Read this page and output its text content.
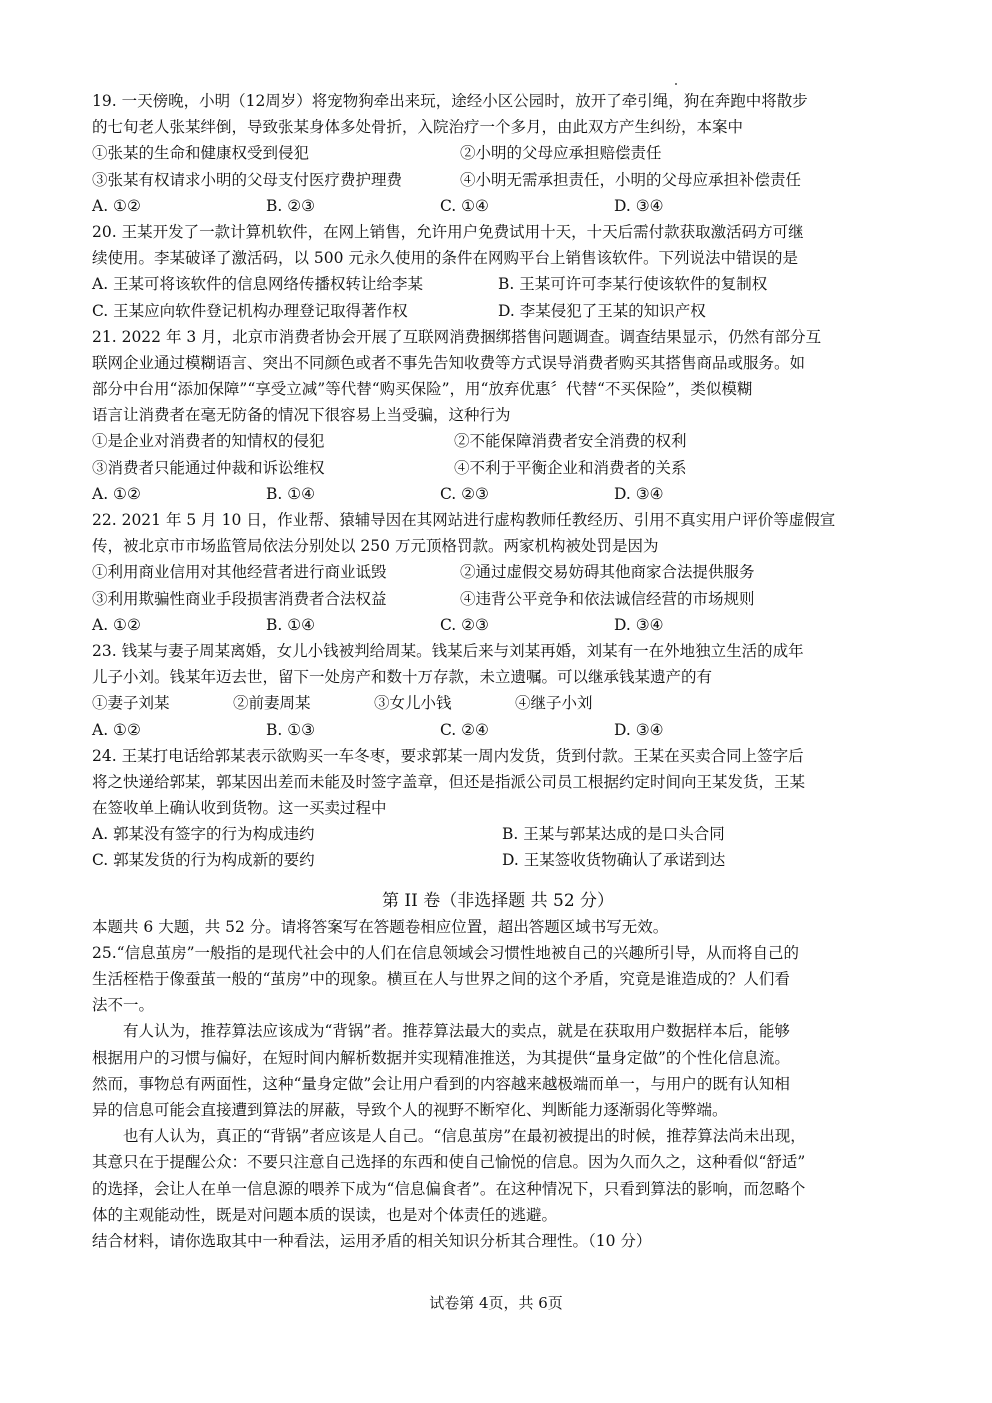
19. 一天傍晚，小明（12周岁）将宠物狗牵出来玩，途经小区公园时，放开了牵引绳，狗在奔跑中将散步
的七旬老人张某绊倒，导致张某身体多处骨折，入院治疗一个多月，由此双方产生纠纷，本案中
①张某的生命和健康权受到侵犯	②小明的父母应承担赔偿责任
③张某有权请求小明的父母支付医疗费护理费	④小明无需承担责任，小明的父母应承担补偿责任
A. ①②	B. ②③	C. ①④	D. ③④
20. 王某开发了一款计算机软件，在网上销售，允许用户免费试用十天，十天后需付款获取激活码方可继
续使用。李某破译了激活码，以 500 元永久使用的条件在网购平台上销售该软件。下列说法中错误的是
A. 王某可将该软件的信息网络传播权转让给李某	B. 王某可许可李某行使该软件的复制权
C. 王某应向软件登记机构办理登记取得著作权	D. 李某侵犯了王某的知识产权
21. 2022 年 3 月，北京市消费者协会开展了互联网消费捆绑搭售问题调查。调查结果显示，仍然有部分互
联网企业通过模糊语言、突出不同颜色或者不事先告知收费等方式误导消费者购买其搭售商品或服务。如
部分中台用“添加保障”“享受立减”等代替“购买保险”，用“放弃优惠〞代替“不买保险”，类似模糊
语言让消费者在毫无防备的情况下很容易上当受骗，这种行为
①是企业对消费者的知情权的侵犯	②不能保障消费者安全消费的权利
③消费者只能通过仲裁和诉讼维权	④不利于平衡企业和消费者的关系
A. ①②	B. ①④	C. ②③	D. ③④
22. 2021 年 5 月 10 日，作业帮、猿辅导因在其网站进行虚构教师任教经历、引用不真实用户评价等虚假宣
传，被北京市市场监管局依法分别处以 250 万元顶格罚款。两家机构被处罚是因为
①利用商业信用对其他经营者进行商业诋毁	②通过虚假交易妨碍其他商家合法提供服务
③利用欺骗性商业手段损害消费者合法权益	④违背公平竞争和依法诚信经营的市场规则
A. ①②	B. ①④	C. ②③	D. ③④
23. 钱某与妻子周某离婚，女儿小钱被判给周某。钱某后来与刘某再婚，刘某有一在外地独立生活的成年
儿子小刘。钱某年迈去世，留下一处房产和数十万存款，未立遗嘱。可以继承钱某遗产的有
①妻子刘某	②前妻周某	③女儿小钱	④继子小刘
A. ①②	B. ①③	C. ②④	D. ③④
24. 王某打电话给郭某表示欲购买一车冬枣，要求郭某一周内发货，货到付款。王某在买卖合同上签字后
将之快递给郭某，郭某因出差而未能及时签字盖章，但还是指派公司员工根据约定时间向王某发货，王某
在签收单上确认收到货物。这一买卖过程中
A. 郭某没有签字的行为构成违约	B. 王某与郭某达成的是口头合同
C. 郭某发货的行为构成新的要约	D. 王某签收货物确认了承诺到达
第 II 卷（非选择题 共 52 分）
本题共 6 大题，共 52 分。请将答案写在答题卷相应位置，超出答题区域书写无效。
25.“信息茧房”一般指的是现代社会中的人们在信息领域会习惯性地被自己的兴趣所引导，从而将自己的
生活桎梏于像蚕茧一般的“茧房”中的现象。横亘在人与世界之间的这个矛盾，究竟是谁造成的？人们看
法不一。
有人认为，推荐算法应该成为“背锅”者。推荐算法最大的卖点，就是在获取用户数据样本后，能够
根据用户的习惯与偏好，在短时间内解析数据并实现精准推送，为其提供“量身定做”的个性化信息流。
然而，事物总有两面性，这种“量身定做”会让用户看到的内容越来越极端而单一，与用户的既有认知相
异的信息可能会直接遭到算法的屏蔽，导致个人的视野不断窄化、判断能力逐渐弱化等弊端。
也有人认为，真正的“背锅”者应该是人自己。“信息茧房”在最初被提出的时候，推荐算法尚未出现，
其意只在于提醒公众：不要只注意自己选择的东西和使自己愉悦的信息。因为久而久之，这种看似“舒适”
的选择，会让人在单一信息源的喂养下成为“信息偏食者”。在这种情况下，只看到算法的影响，而忽略个
体的主观能动性，既是对问题本质的误读，也是对个体责任的逃避。
结合材料，请你选取其中一种看法，运用矛盾的相关知识分析其合理性。（10 分）
试卷第 4页，共 6页
